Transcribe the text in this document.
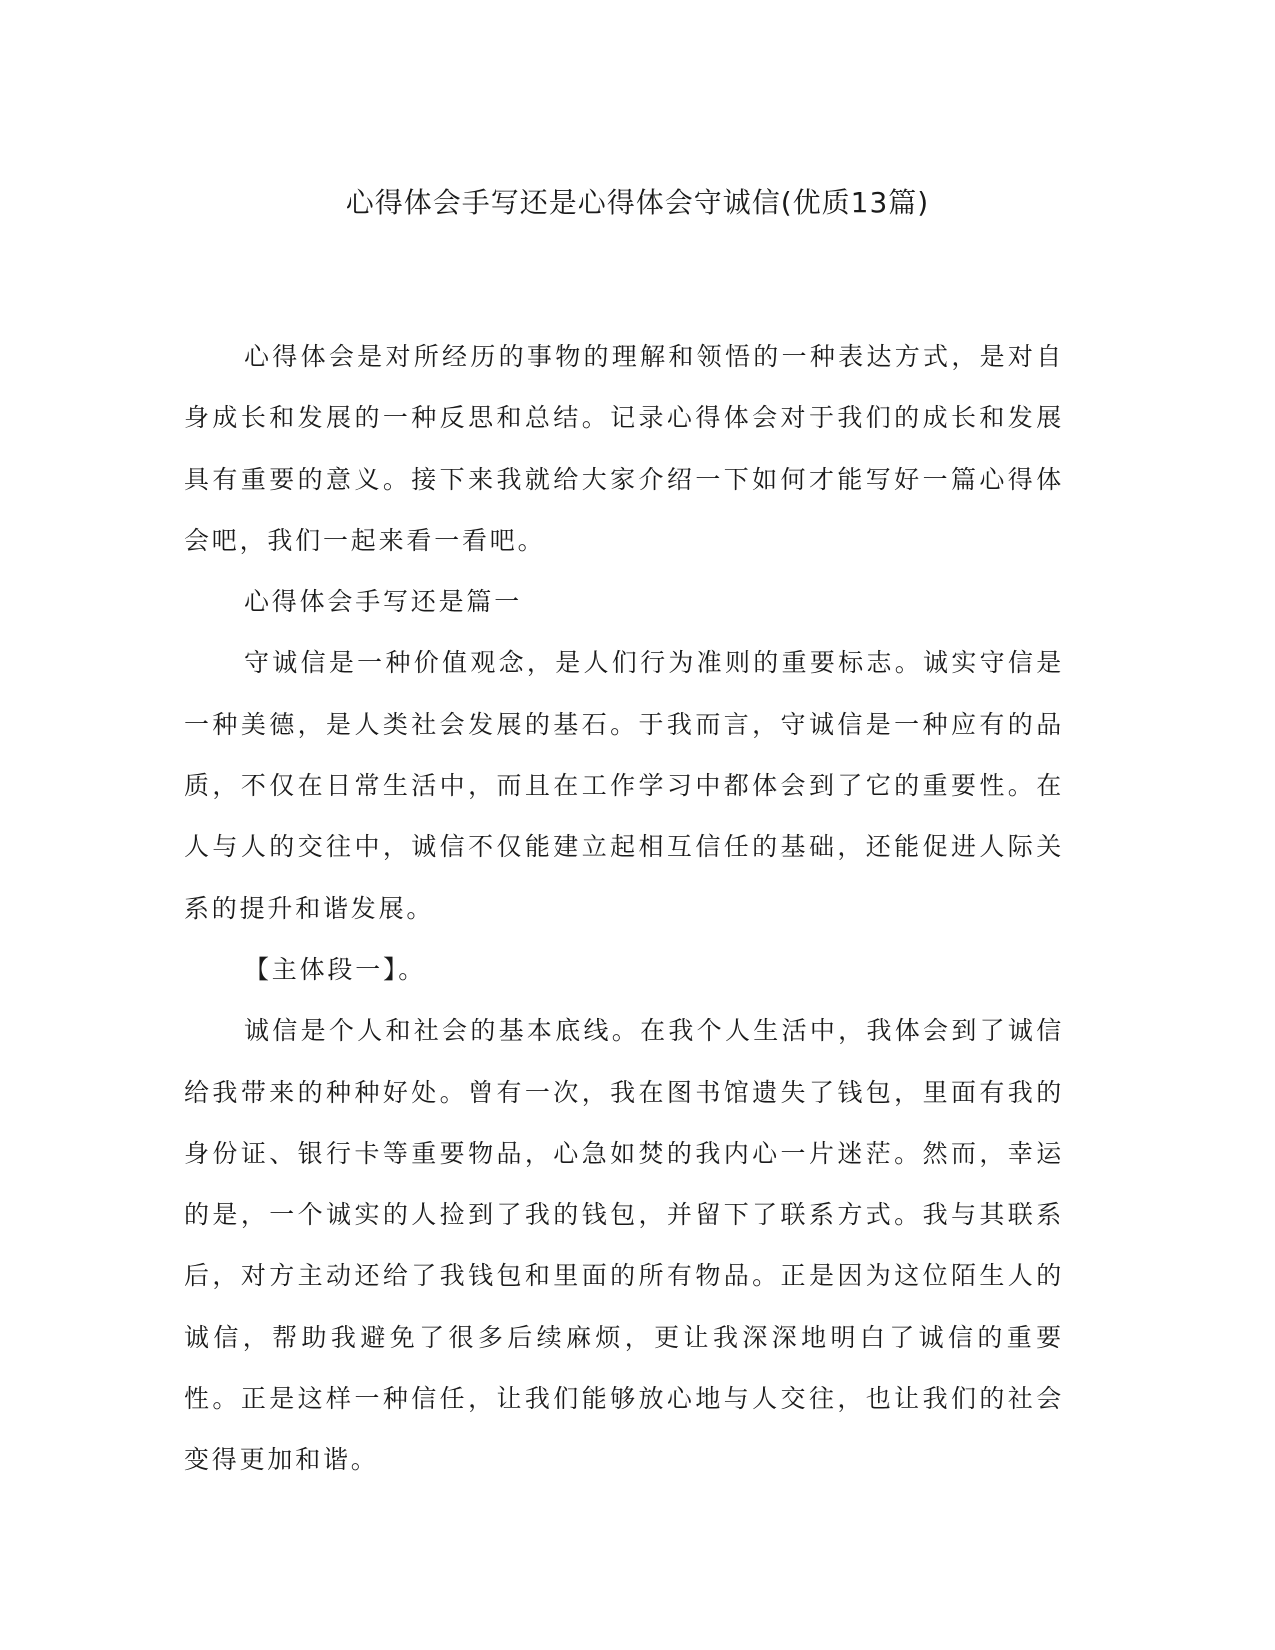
心得体会手写还是心得体会守诚信(优质13篇)

心得体会是对所经历的事物的理解和领悟的一种表达方式，是对自身成长和发展的一种反思和总结。记录心得体会对于我们的成长和发展具有重要的意义。接下来我就给大家介绍一下如何才能写好一篇心得体会吧，我们一起来看一看吧。

心得体会手写还是篇一

守诚信是一种价值观念，是人们行为准则的重要标志。诚实守信是一种美德，是人类社会发展的基石。于我而言，守诚信是一种应有的品质，不仅在日常生活中，而且在工作学习中都体会到了它的重要性。在人与人的交往中，诚信不仅能建立起相互信任的基础，还能促进人际关系的提升和谐发展。

【主体段一】。

诚信是个人和社会的基本底线。在我个人生活中，我体会到了诚信给我带来的种种好处。曾有一次，我在图书馆遗失了钱包，里面有我的身份证、银行卡等重要物品，心急如焚的我内心一片迷茫。然而，幸运的是，一个诚实的人捡到了我的钱包，并留下了联系方式。我与其联系后，对方主动还给了我钱包和里面的所有物品。正是因为这位陌生人的诚信，帮助我避免了很多后续麻烦，更让我深深地明白了诚信的重要性。正是这样一种信任，让我们能够放心地与人交往，也让我们的社会变得更加和谐。
